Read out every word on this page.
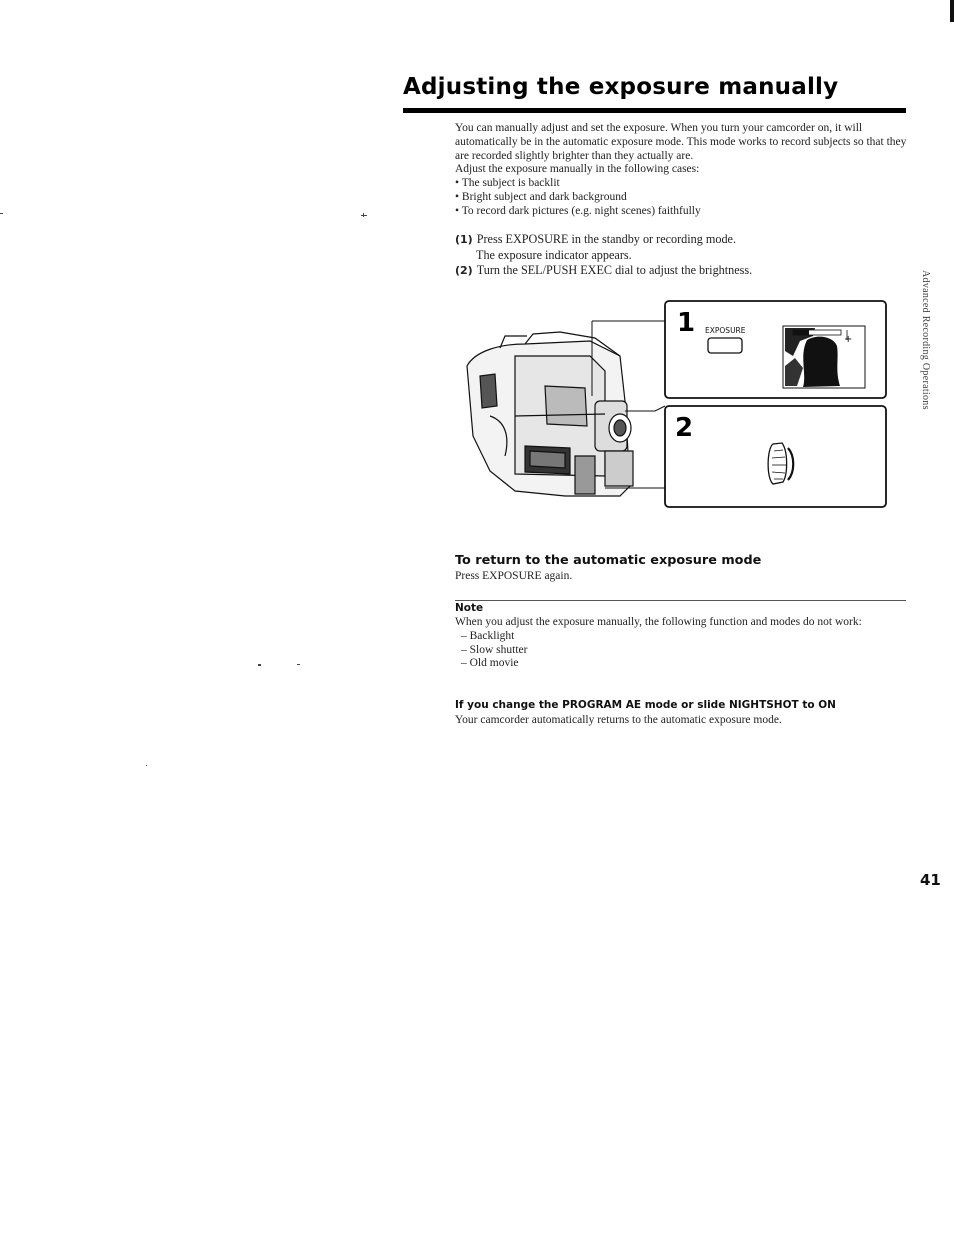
Adjusting the exposure manually

You can manually adjust and set the exposure. When you turn your camcorder on, it will automatically be in the automatic exposure mode. This mode works to record subjects so that they are recorded slightly brighter than they actually are.

Adjust the exposure manually in the following cases:

• The subject is backlit
• Bright subject and dark background
• To record dark pictures (e.g. night scenes) faithfully
(1) Press EXPOSURE in the standby or recording mode.
The exposure indicator appears.
(2) Turn the SEL/PUSH EXEC dial to adjust the brightness.
1 EXPOSURE
+
2
To return to the automatic exposure mode
Press EXPOSURE again.
Note

When you adjust the exposure manually, the following function and modes do not work:

– Backlight
– Slow shutter
– Old movie
If you change the PROGRAM AE mode or slide NIGHTSHOT to ON
Your camcorder automatically returns to the automatic exposure mode.
Advanced Recording Operations
41
